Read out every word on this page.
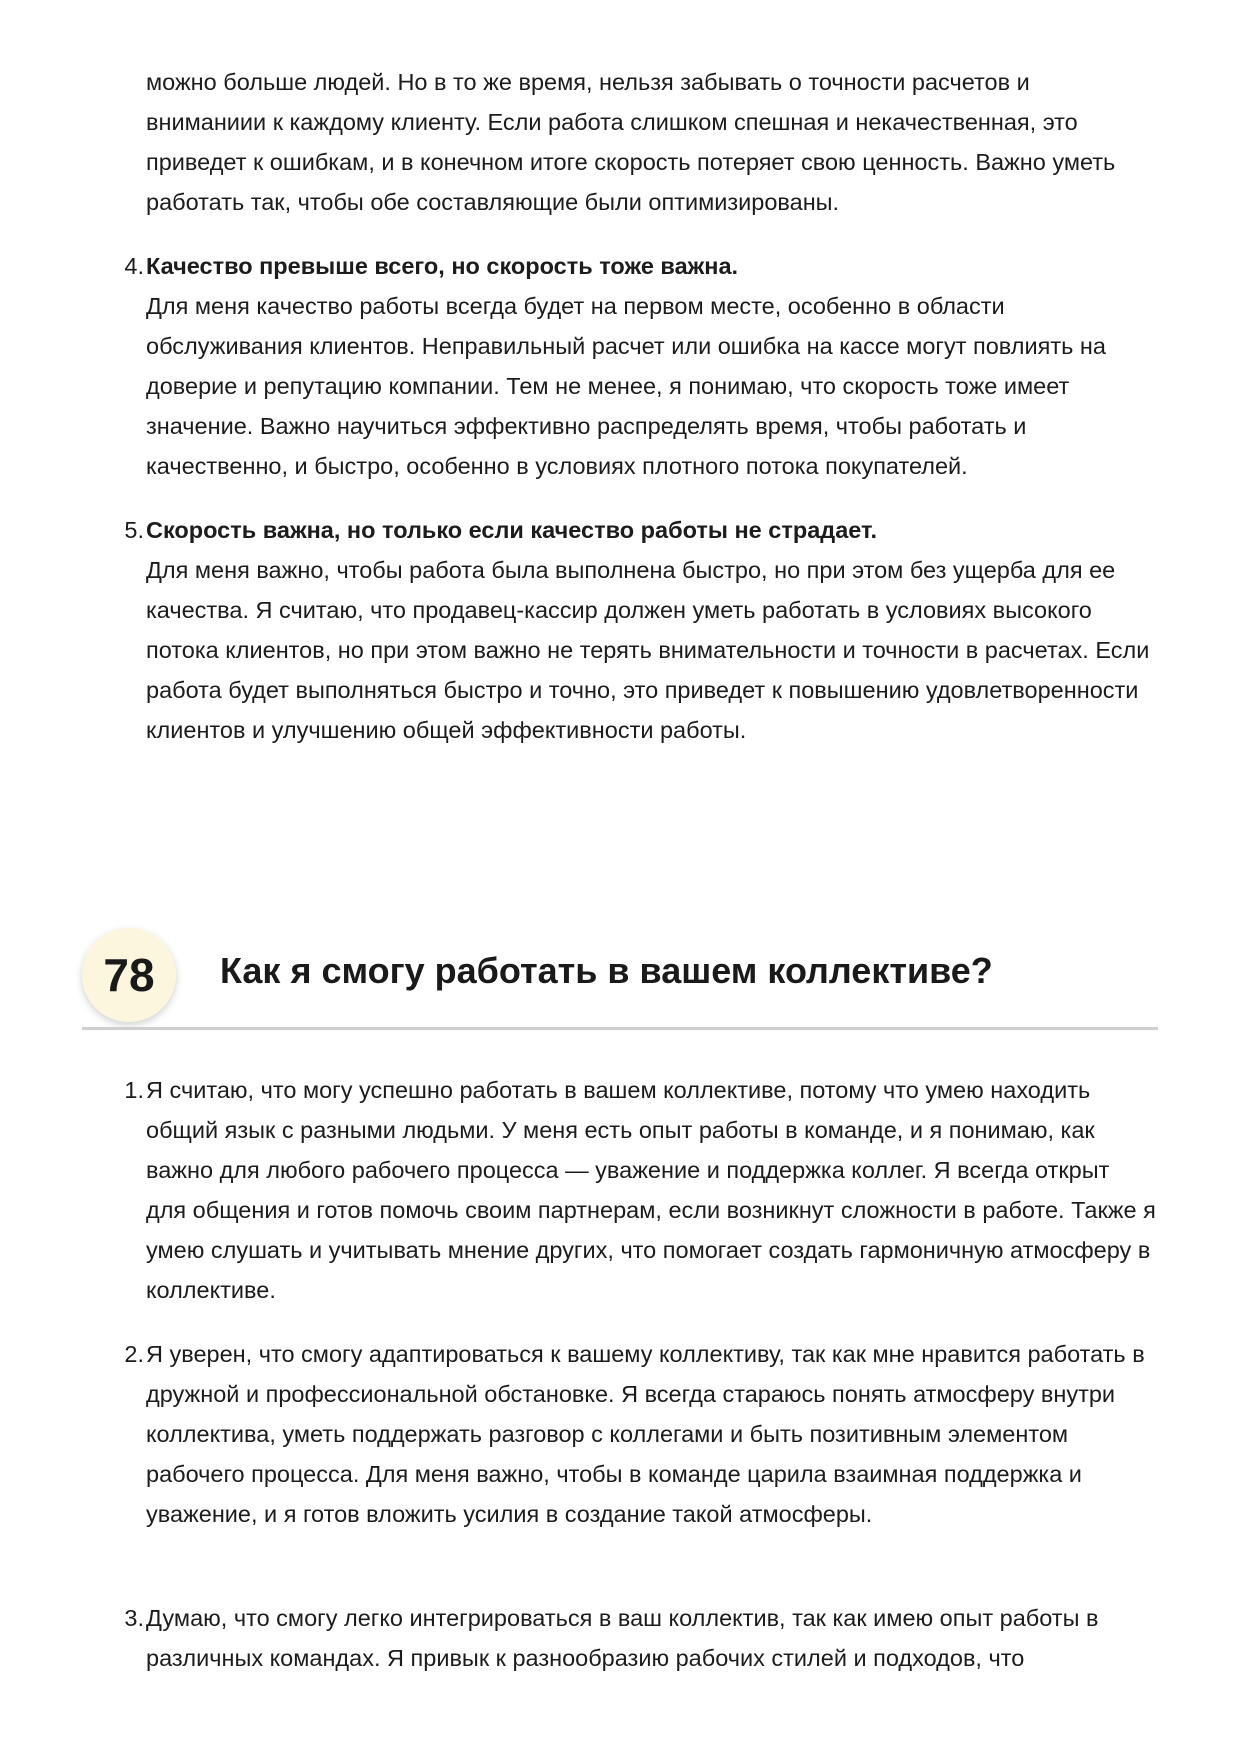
можно больше людей. Но в то же время, нельзя забывать о точности расчетов и вниманиии к каждому клиенту. Если работа слишком спешная и некачественная, это приведет к ошибкам, и в конечном итоге скорость потеряет свою ценность. Важно уметь работать так, чтобы обе составляющие были оптимизированы.
4. Качество превыше всего, но скорость тоже важна.

Для меня качество работы всегда будет на первом месте, особенно в области обслуживания клиентов. Неправильный расчет или ошибка на кассе могут повлиять на доверие и репутацию компании. Тем не менее, я понимаю, что скорость тоже имеет значение. Важно научиться эффективно распределять время, чтобы работать и качественно, и быстро, особенно в условиях плотного потока покупателей.

5. Скорость важна, но только если качество работы не страдает.

Для меня важно, чтобы работа была выполнена быстро, но при этом без ущерба для ее качества. Я считаю, что продавец-кассир должен уметь работать в условиях высокого потока клиентов, но при этом важно не терять внимательности и точности в расчетах. Если работа будет выполняться быстро и точно, это приведет к повышению удовлетворенности клиентов и улучшению общей эффективности работы.

78 Как я смогу работать в вашем коллективе?
1. Я считаю, что могу успешно работать в вашем коллективе, потому что умею находить общий язык с разными людьми. У меня есть опыт работы в команде, и я понимаю, как важно для любого рабочего процесса — уважение и поддержка коллег. Я всегда открыт для общения и готов помочь своим партнерам, если возникнут сложности в работе. Также я умею слушать и учитывать мнение других, что помогает создать гармоничную атмосферу в коллективе.

2. Я уверен, что смогу адаптироваться к вашему коллективу, так как мне нравится работать в дружной и профессиональной обстановке. Я всегда стараюсь понять атмосферу внутри коллектива, уметь поддержать разговор с коллегами и быть позитивным элементом рабочего процесса. Для меня важно, чтобы в команде царила взаимная поддержка и уважение, и я готов вложить усилия в создание такой атмосферы.

3. Думаю, что смогу легко интегрироваться в ваш коллектив, так как имею опыт работы в различных командах. Я привык к разнообразию рабочих стилей и подходов, что
